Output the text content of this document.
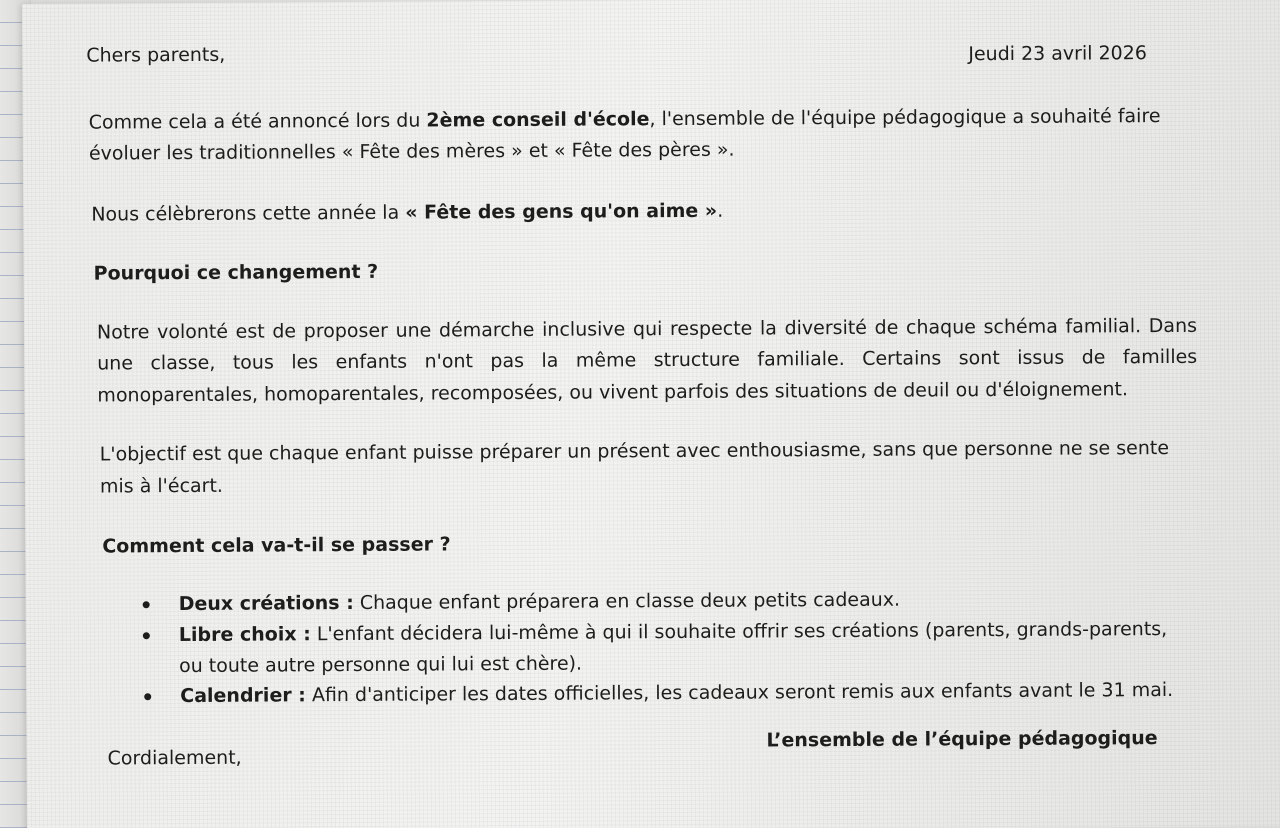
Chers parents,	Jeudi 23 avril 2026
Comme cela a été annoncé lors du 2ème conseil d'école, l'ensemble de l'équipe pédagogique a souhaité faire
évoluer les traditionnelles « Fête des mères » et « Fête des pères ».
Nous célèbrerons cette année la « Fête des gens qu'on aime ».
Pourquoi ce changement ?
Notre volonté est de proposer une démarche inclusive qui respecte la diversité de chaque schéma familial. Dans
une classe, tous les enfants n'ont pas la même structure familiale. Certains sont issus de familles
monoparentales, homoparentales, recomposées, ou vivent parfois des situations de deuil ou d'éloignement.
L'objectif est que chaque enfant puisse préparer un présent avec enthousiasme, sans que personne ne se sente
mis à l'écart.
Comment cela va-t-il se passer ?
Deux créations : Chaque enfant préparera en classe deux petits cadeaux.
Libre choix : L'enfant décidera lui-même à qui il souhaite offrir ses créations (parents, grands-parents,
ou toute autre personne qui lui est chère).
Calendrier : Afin d'anticiper les dates officielles, les cadeaux seront remis aux enfants avant le 31 mai.
Cordialement,
L’ensemble de l’équipe pédagogique
